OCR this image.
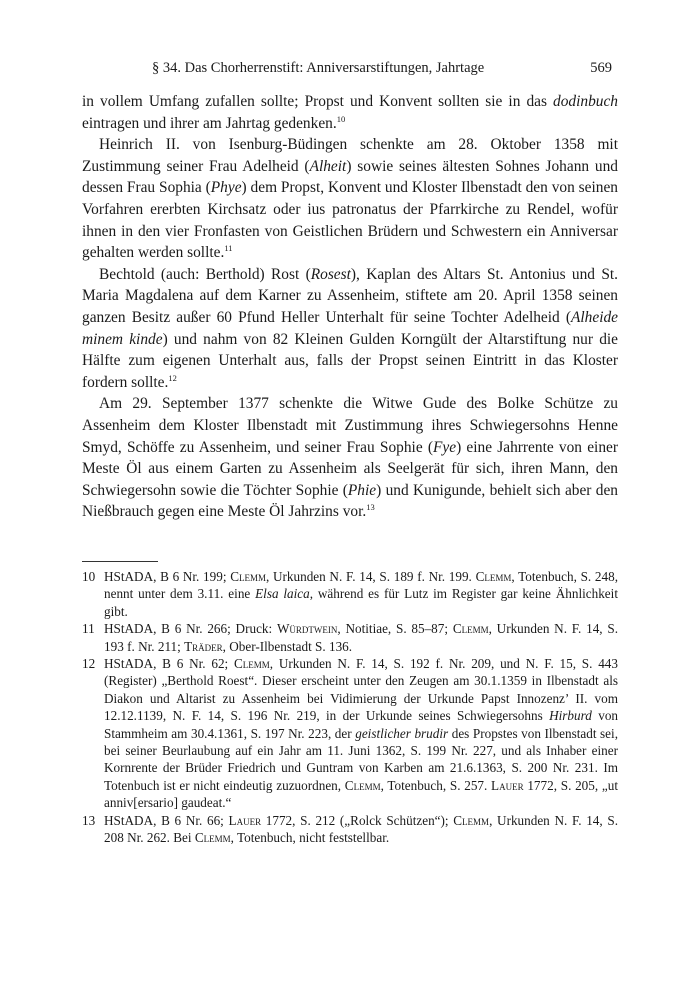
§ 34. Das Chorherrenstift: Anniversarstiftungen, Jahrtage	569

in vollem Umfang zufallen sollte; Propst und Konvent sollten sie in das dodinbuch eintragen und ihrer am Jahrtag gedenken.$^{10}$

Heinrich II. von Isenburg-Büdingen schenkte am 28. Oktober 1358 mit Zustimmung seiner Frau Adelheid (Alheit) sowie seines ältesten Sohnes Johann und dessen Frau Sophia (Phye) dem Propst, Konvent und Kloster Ilbenstadt den von seinen Vorfahren ererbten Kirchsatz oder ius patronatus der Pfarrkirche zu Rendel, wofür ihnen in den vier Fronfasten von Geistlichen Brüdern und Schwestern ein Anniversar gehalten werden sollte.$^{11}$

Bechtold (auch: Berthold) Rost (Rosest), Kaplan des Altars St. Antonius und St. Maria Magdalena auf dem Karner zu Assenheim, stiftete am 20. April 1358 seinen ganzen Besitz außer 60 Pfund Heller Unterhalt für seine Tochter Adelheid (Alheide minem kinde) und nahm von 82 Kleinen Gulden Korngült der Altarstiftung nur die Hälfte zum eigenen Unterhalt aus, falls der Propst seinen Eintritt in das Kloster fordern sollte.$^{12}$

Am 29. September 1377 schenkte die Witwe Gude des Bolke Schütze zu Assenheim dem Kloster Ilbenstadt mit Zustimmung ihres Schwiegersohns Henne Smyd, Schöffe zu Assenheim, und seiner Frau Sophie (Fye) eine Jahrrente von einer Meste Öl aus einem Garten zu Assenheim als Seelgerät für sich, ihren Mann, den Schwiegersohn sowie die Töchter Sophie (Phie) und Kunigunde, behielt sich aber den Nießbrauch gegen eine Meste Öl Jahrzins vor.$^{13}$

10 HStADA, B 6 Nr. 199; Clemm, Urkunden N. F. 14, S. 189 f. Nr. 199. Clemm, Totenbuch, S. 248, nennt unter dem 3.11. eine Elsa laica, während es für Lutz im Register gar keine Ähnlichkeit gibt.
11 HStADA, B 6 Nr. 266; Druck: Würdtwein, Notitiae, S. 85–87; Clemm, Urkunden N. F. 14, S. 193 f. Nr. 211; Träder, Ober-Ilbenstadt S. 136.
12 HStADA, B 6 Nr. 62; Clemm, Urkunden N. F. 14, S. 192 f. Nr. 209, und N. F. 15, S. 443 (Register) „Berthold Roest“. Dieser erscheint unter den Zeugen am 30.1.1359 in Ilbenstadt als Diakon und Altarist zu Assenheim bei Vidimierung der Urkunde Papst Innozenz’ II. vom 12.12.1139, N. F. 14, S. 196 Nr. 219, in der Urkunde seines Schwiegersohns Hirburd von Stammheim am 30.4.1361, S. 197 Nr. 223, der geistlicher brudir des Propstes von Ilbenstadt sei, bei seiner Beurlaubung auf ein Jahr am 11. Juni 1362, S. 199 Nr. 227, und als Inhaber einer Kornrente der Brüder Friedrich und Guntram von Karben am 21.6.1363, S. 200 Nr. 231. Im Totenbuch ist er nicht eindeutig zuzuordnen, Clemm, Totenbuch, S. 257. Lauer 1772, S. 205, „ut anniv[ersario] gaudeat.“
13 HStADA, B 6 Nr. 66; Lauer 1772, S. 212 („Rolck Schützen“); Clemm, Urkunden N. F. 14, S. 208 Nr. 262. Bei Clemm, Totenbuch, nicht feststellbar.
